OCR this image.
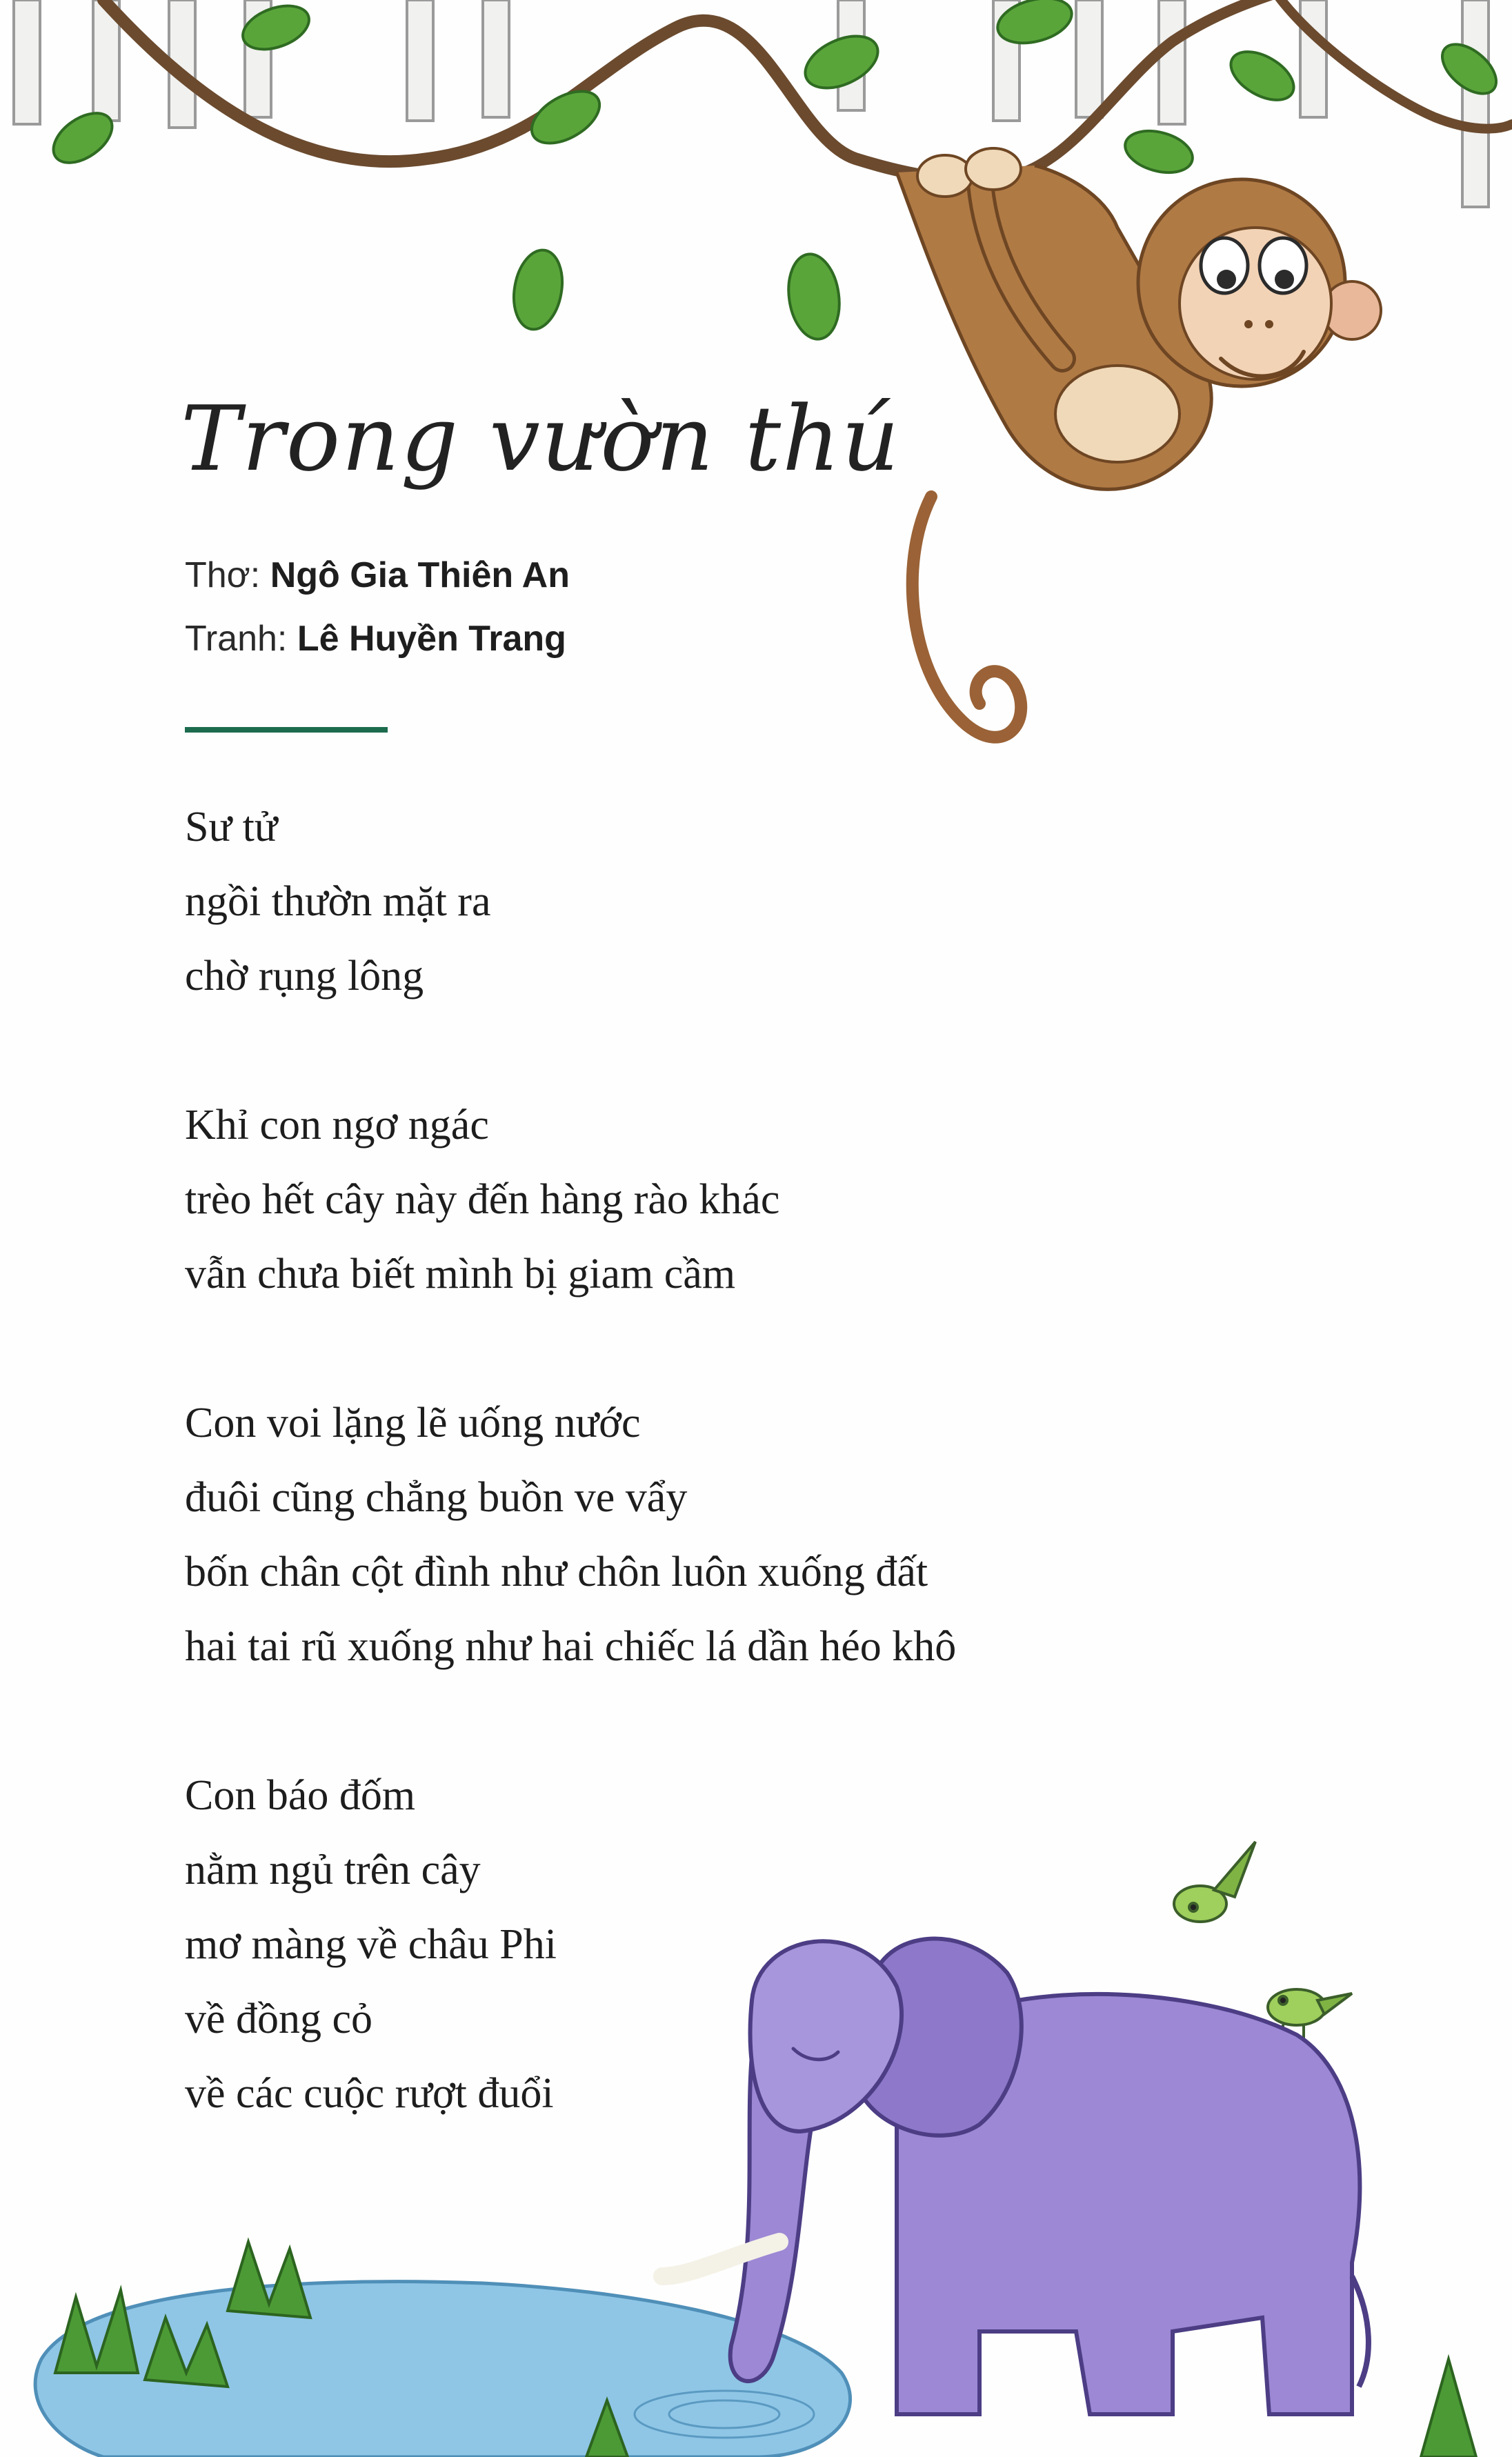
Trong vườn thú
Thơ: Ngô Gia Thiên An
Tranh: Lê Huyền Trang
Sư tử
ngồi thườn mặt ra
chờ rụng lông
Khỉ con ngơ ngác
trèo hết cây này đến hàng rào khác
vẫn chưa biết mình bị giam cầm
Con voi lặng lẽ uống nước
đuôi cũng chẳng buồn ve vẩy
bốn chân cột đình như chôn luôn xuống đất
hai tai rũ xuống như hai chiếc lá dần héo khô
Con báo đốm
nằm ngủ trên cây
mơ màng về châu Phi
về đồng cỏ
về các cuộc rượt đuổi
